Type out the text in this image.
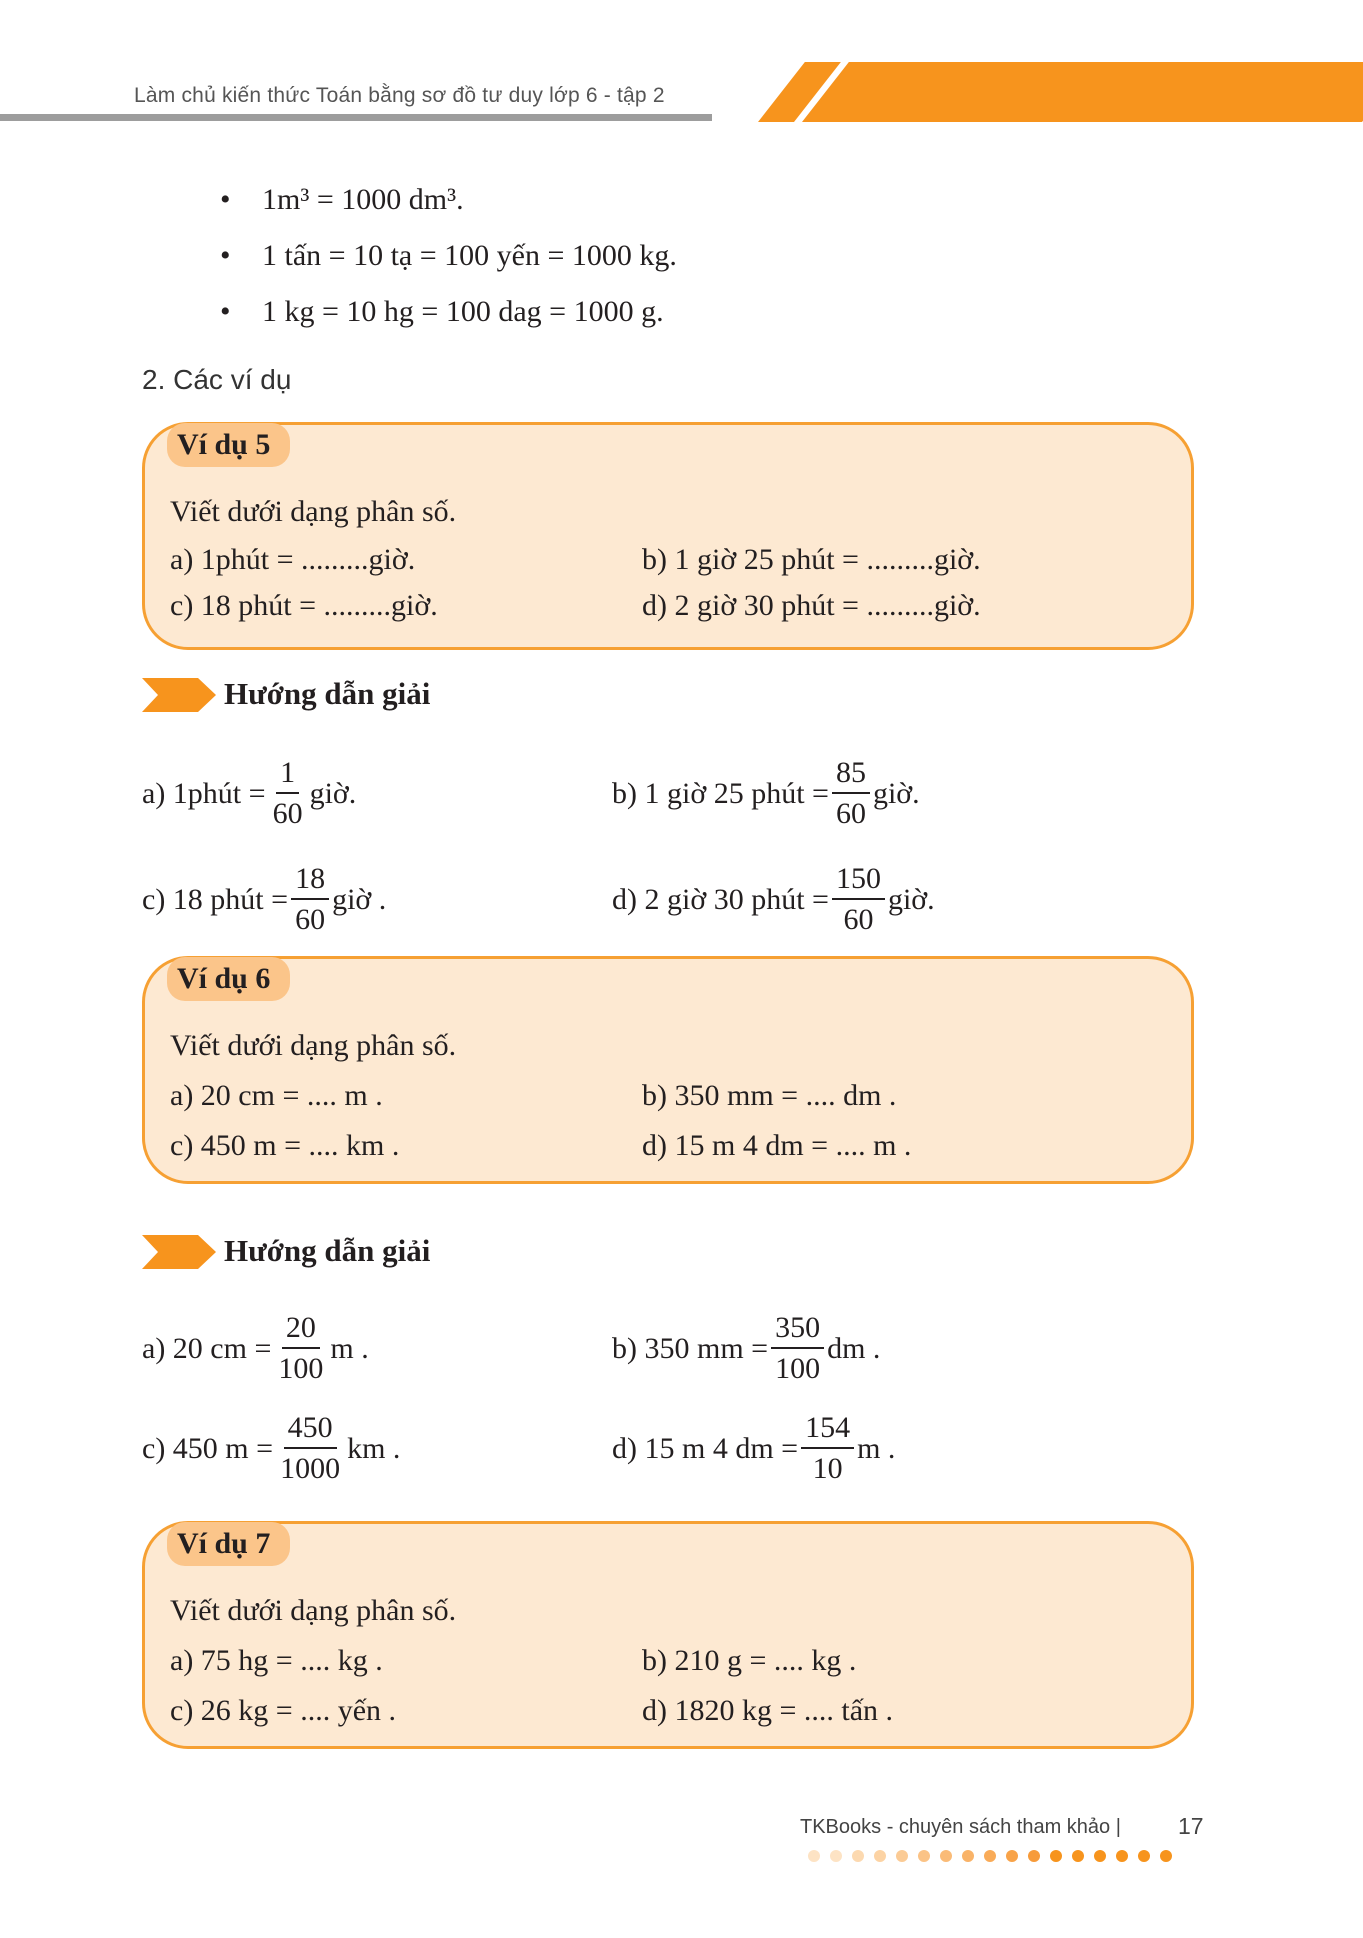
Làm chủ kiến thức Toán bằng sơ đồ tư duy lớp 6 - tập 2
• 1m³ = 1000 dm³.
• 1 tấn = 10 tạ = 100 yến = 1000 kg.
• 1 kg = 10 hg = 100 dag = 1000 g.
2. Các ví dụ
Ví dụ 5
Viết dưới dạng phân số.
a) 1phút = .........giờ.	b) 1 giờ 25 phút = .........giờ.
c) 18 phút = .........giờ.	d) 2 giờ 30 phút = .........giờ.
Hướng dẫn giải
a) 1phút = $\frac{1}{60}$ giờ.	b) 1 giờ 25 phút = $\frac{85}{60}$ giờ.
c) 18 phút = $\frac{18}{60}$ giờ .	d) 2 giờ 30 phút = $\frac{150}{60}$ giờ.
Ví dụ 6
Viết dưới dạng phân số.
a) 20 cm = .... m .	b) 350 mm = .... dm .
c) 450 m = .... km .	d) 15 m 4 dm = .... m .
Hướng dẫn giải
a) 20 cm = $\frac{20}{100}$ m .	b) 350 mm = $\frac{350}{100}$ dm .
c) 450 $m = \frac{450}{1000}$ km .	d) 15 m 4 dm = $\frac{154}{10}$ m .
Ví dụ 7
Viết dưới dạng phân số.
a) 75 hg = .... kg .	b) 210 g = .... kg .
c) 26 kg = .... yến .	d) 1820 kg = .... tấn .
TKBooks - chuyên sách tham khảo | 17
